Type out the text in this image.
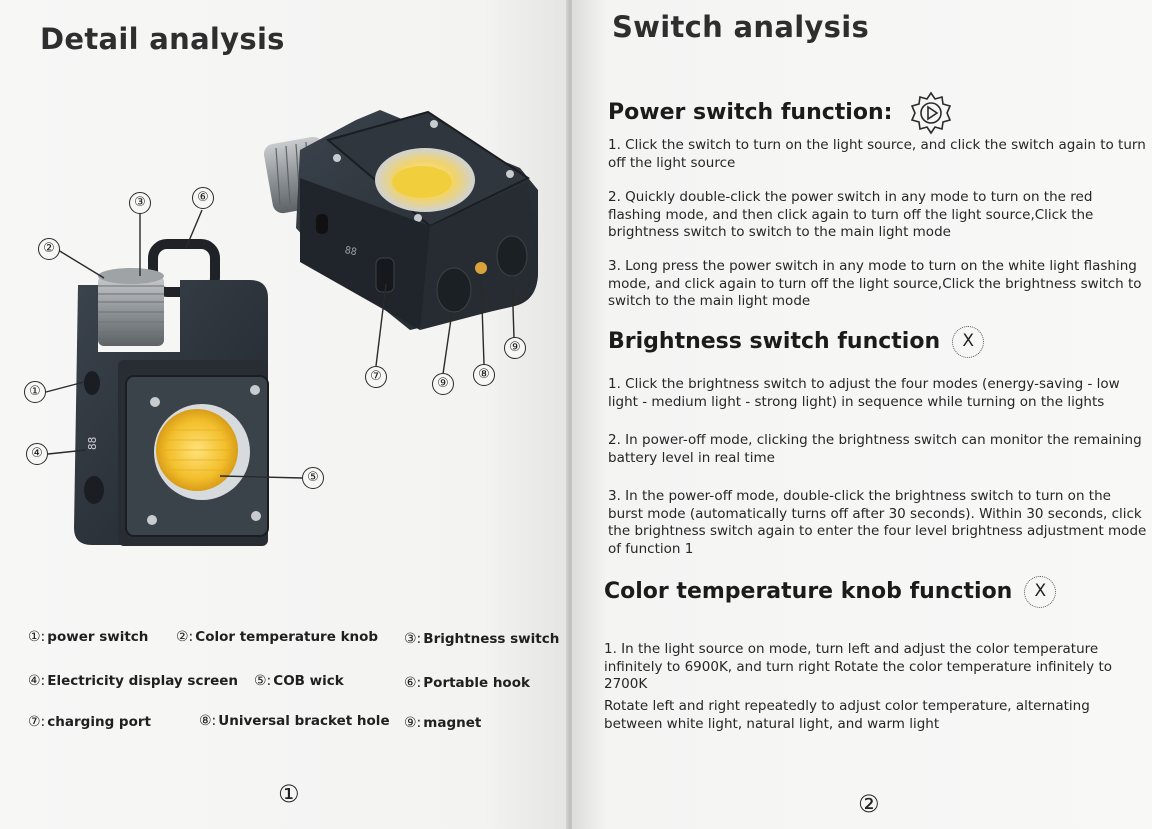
Detail analysis
88
88
②
③	⑥
①
④
⑤
⑦	⑨
⑧
⑨
①: power switch ②: Color temperature knob ③: Brightness switch
④: Electricity display screen ⑤: COB wick	⑥: Portable hook
⑦: charging port	⑧: Universal bracket hole ⑨: magnet
①
Switch analysis
Power switch function:
1. Click the switch to turn on the light source, and click the switch again to turn off the light source
2. Quickly double-click the power switch in any mode to turn on the red flashing mode, and then click again to turn off the light source,Click the brightness switch to switch to the main light mode
3. Long press the power switch in any mode to turn on the white light flashing mode, and click again to turn off the light source,Click the brightness switch to switch to the main light mode
Brightness switch function X
1. Click the brightness switch to adjust the four modes (energy-saving - low light - medium light - strong light) in sequence while turning on the lights
2. In power-off mode, clicking the brightness switch can monitor the remaining battery level in real time
3. In the power-off mode, double-click the brightness switch to turn on the burst mode (automatically turns off after 30 seconds). Within 30 seconds, click the brightness switch again to enter the four level brightness adjustment mode of function 1
Color temperature knob function X
1. In the light source on mode, turn left and adjust the color temperature infinitely to 6900K, and turn right Rotate the color temperature infinitely to 2700K
Rotate left and right repeatedly to adjust color temperature, alternating between white light, natural light, and warm light
②
